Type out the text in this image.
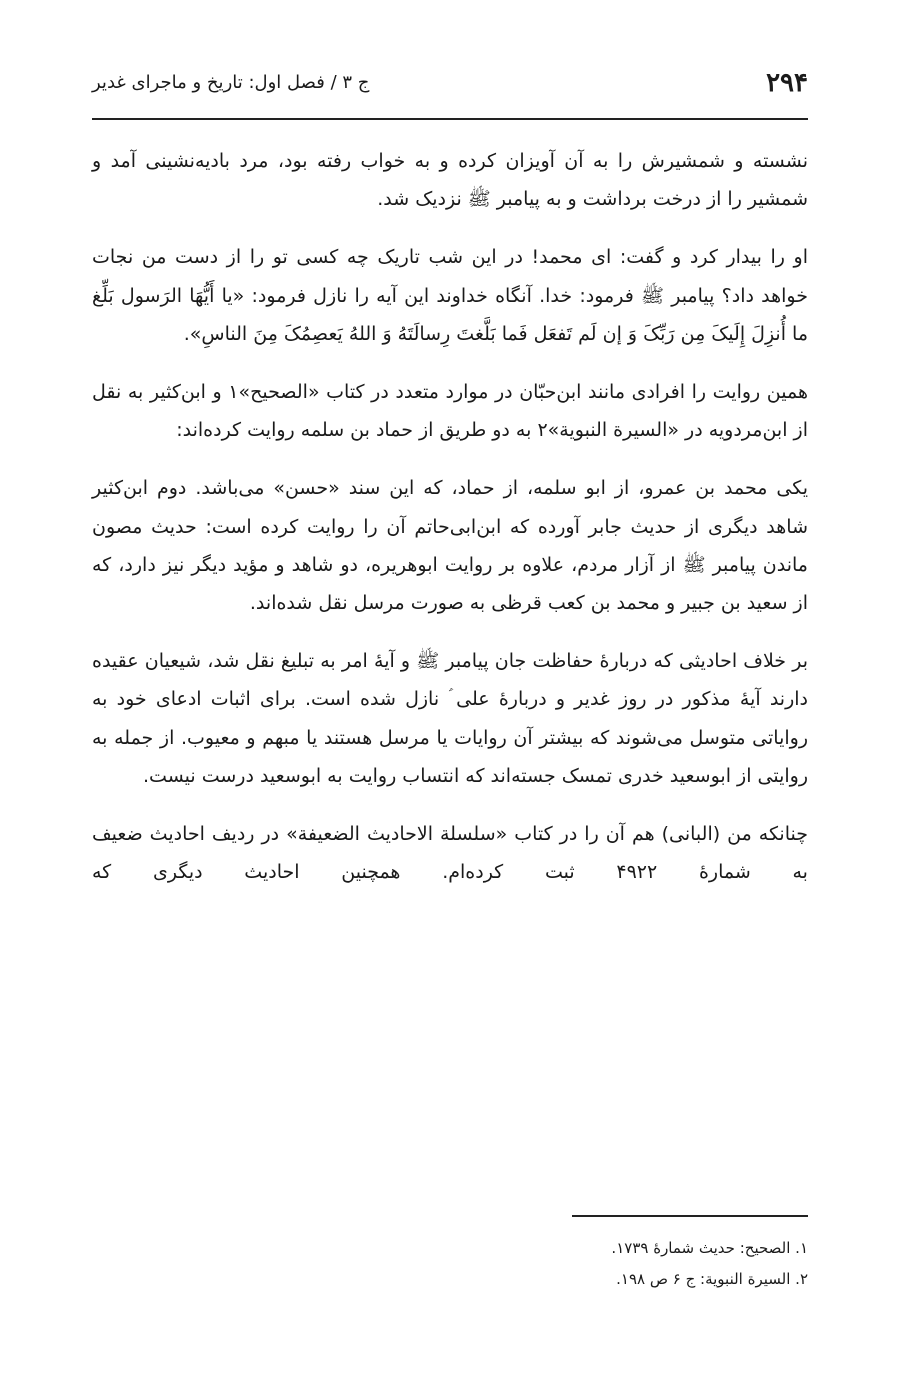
۲۹۴
ج ۳ / فصل اول: تاریخ و ماجرای غدیر

نشسته و شمشیرش را به آن آویزان کرده و به خواب رفته بود، مرد بادیه‌نشینی آمد و شمشیر را از درخت برداشت و به پیامبر ﷺ نزدیک شد.

او را بیدار کرد و گفت: ای محمد! در این شب تاریک چه کسی تو را از دست من نجات خواهد داد؟ پیامبر ﷺ فرمود: خدا. آنگاه خداوند این آیه را نازل فرمود: «یا أَیُّهَا الرَسول بَلِّغ ما أُنزِلَ إِلَیکَ مِن رَبِّکَ وَ إن لَم تَفعَل فَما بَلَّغتَ رِسالَتَهُ وَ اللهُ یَعصِمُکَ مِنَ الناسِ».

همین روایت را افرادی مانند ابن‌حبّان در موارد متعدد در کتاب «الصحیح»۱ و ابن‌کثیر به نقل از ابن‌مردویه در «السیرة النبویة»۲ به دو طریق از حماد بن سلمه روایت کرده‌اند:

یکی محمد بن عمرو، از ابو سلمه، از حماد، که این سند «حسن» می‌باشد. دوم ابن‌کثیر شاهد دیگری از حدیث جابر آورده که ابن‌ابی‌حاتم آن را روایت کرده است: حدیث مصون ماندن پیامبر ﷺ از آزار مردم، علاوه بر روایت ابوهریره، دو شاهد و مؤید دیگر نیز دارد، که از سعید بن جبیر و محمد بن کعب قرظی به صورت مرسل نقل شده‌اند.

بر خلاف احادیثی که دربارهٔ حفاظت جان پیامبر ﷺ و آیهٔ امر به تبلیغ نقل شد، شیعیان عقیده دارند آیهٔ مذکور در روز غدیر و دربارهٔ علی ؑ نازل شده است. برای اثبات ادعای خود به روایاتی متوسل می‌شوند که بیشتر آن روایات یا مرسل هستند یا مبهم و معیوب. از جمله به روایتی از ابوسعید خدری تمسک جسته‌اند که انتساب روایت به ابوسعید درست نیست.

چنانکه من (البانی) هم آن را در کتاب «سلسلة الاحادیث الضعیفة» در ردیف احادیث ضعیف به شمارهٔ ۴۹۲۲ ثبت کرده‌ام. همچنین احادیث دیگری که

۱. الصحیح: حدیث شمارهٔ ۱۷۳۹.

۲. السیرة النبویة: ج ۶ ص ۱۹۸.
